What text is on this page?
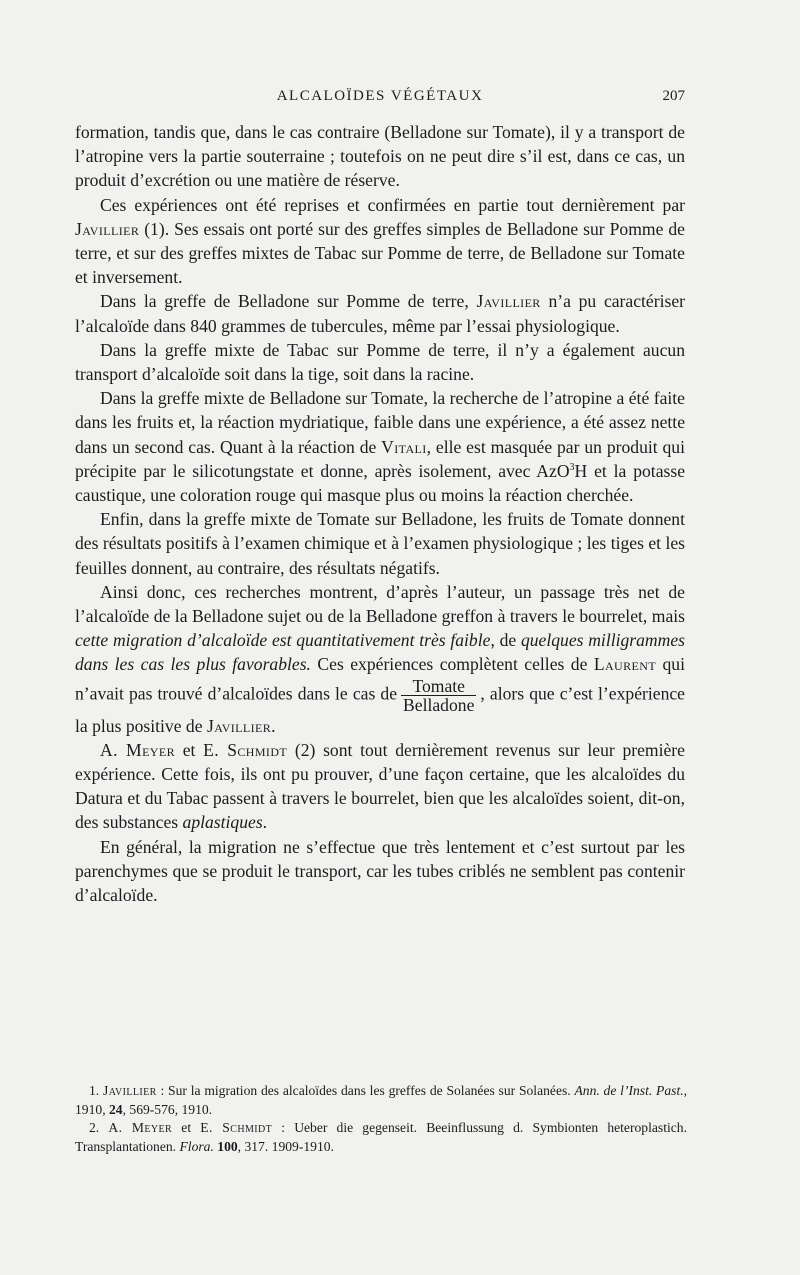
ALCALOÏDES VÉGÉTAUX	207

formation, tandis que, dans le cas contraire (Belladone sur Tomate), il y a transport de l’atropine vers la partie souterraine ; toutefois on ne peut dire s’il est, dans ce cas, un produit d’excrétion ou une matière de réserve.

Ces expériences ont été reprises et confirmées en partie tout dernièrement par Javillier (1). Ses essais ont porté sur des greffes simples de Belladone sur Pomme de terre, et sur des greffes mixtes de Tabac sur Pomme de terre, de Belladone sur Tomate et inversement.

Dans la greffe de Belladone sur Pomme de terre, Javillier n’a pu caractériser l’alcaloïde dans 840 grammes de tubercules, même par l’essai physiologique.

Dans la greffe mixte de Tabac sur Pomme de terre, il n’y a également aucun transport d’alcaloïde soit dans la tige, soit dans la racine.

Dans la greffe mixte de Belladone sur Tomate, la recherche de l’atropine a été faite dans les fruits et, la réaction mydriatique, faible dans une expérience, a été assez nette dans un second cas. Quant à la réaction de Vitali, elle est masquée par un produit qui précipite par le silicotungstate et donne, après isolement, avec AzO$^3$H et la potasse caustique, une coloration rouge qui masque plus ou moins la réaction cherchée.

Enfin, dans la greffe mixte de Tomate sur Belladone, les fruits de Tomate donnent des résultats positifs à l’examen chimique et à l’examen physiologique ; les tiges et les feuilles donnent, au contraire, des résultats négatifs.

Ainsi donc, ces recherches montrent, d’après l’auteur, un passage très net de l’alcaloïde de la Belladone sujet ou de la Belladone greffon à travers le bourrelet, mais cette migration d’alcaloïde est quantitativement très faible, de quelques milligrammes dans les cas les plus favorables. Ces expériences complètent celles de Laurent qui n’avait pas trouvé d’alcaloïdes dans le cas de $\frac{\text{Tomate}}{\text{Belladone}}$ , alors que c’est l’expérience la plus positive de Javillier.

A. Meyer et E. Schmidt (2) sont tout dernièrement revenus sur leur première expérience. Cette fois, ils ont pu prouver, d’une façon certaine, que les alcaloïdes du Datura et du Tabac passent à travers le bourrelet, bien que les alcaloïdes soient, dit-on, des substances aplastiques.

En général, la migration ne s’effectue que très lentement et c’est surtout par les parenchymes que se produit le transport, car les tubes criblés ne semblent pas contenir d’alcaloïde.

1. Javillier : Sur la migration des alcaloïdes dans les greffes de Solanées sur Solanées. Ann. de l’Inst. Past., 1910, 24, 569-576, 1910.

2. A. Meyer et E. Schmidt : Ueber die gegenseit. Beeinflussung d. Symbionten heteroplastich. Transplantationen. Flora. 100, 317. 1909-1910.
